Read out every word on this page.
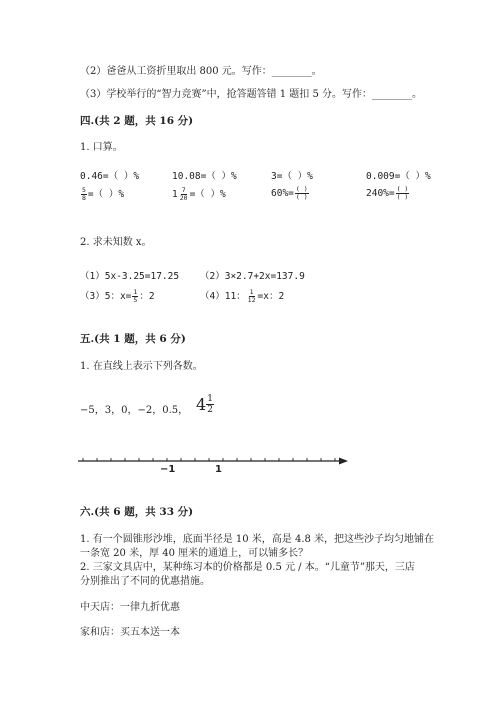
（2）爸爸从工资折里取出 800 元。写作：________。
（3）学校举行的“智力竞赛”中，抢答题答错 1 题扣 5 分。写作：________。
四.(共 2 题，共 16 分)
1. 口算。
0.46=（ ）%	10.08=（ ）%	3=（ ）%	0.009=（ ）%
$\frac{5}{8}$ =（ ）%	$1 \frac{7}{20}$ =（ ）%	$60\%= \frac{( )}{( )}$	$240\%= \frac{( )}{( )}$
2. 求未知数 x。
（1）5x-3.25=17.25 （2）3×2.7+2x=137.9
（3）5：$x= \frac{1}{5}$ ：2	（4）11： $\frac{1}{12} =x$：2
五.(共 1 题，共 6 分)
1. 在直线上表示下列各数。
−5，3，0，−2，0.5， $4 \frac{1}{2}$
−1	1
六.(共 6 题，共 33 分)
1. 有一个圆锥形沙堆，底面半径是 10 米，高是 4.8 米，把这些沙子均匀地铺在
一条宽 20 米，厚 40 厘米的通道上，可以铺多长？
2. 三家文具店中，某种练习本的价格都是 0.5 元 / 本。“儿童节”那天，三店
分别推出了不同的优惠措施。
中天店：一律九折优惠
家和店：买五本送一本
